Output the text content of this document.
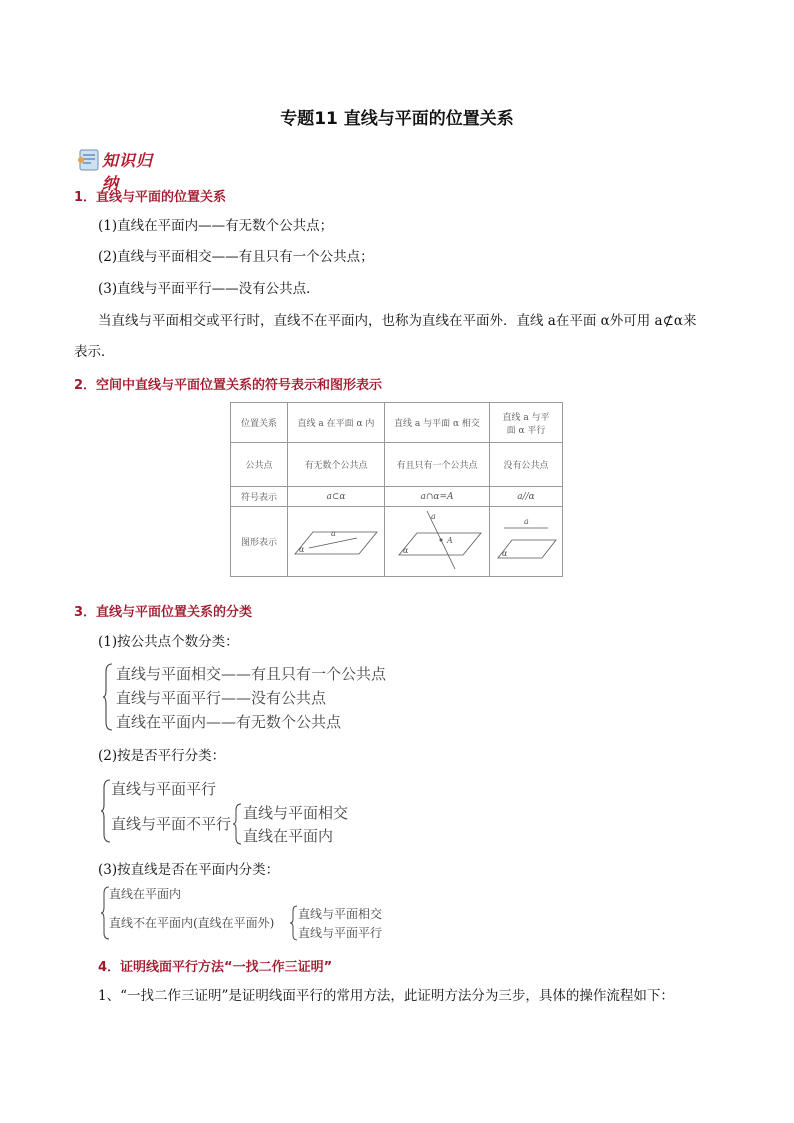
专题11 直线与平面的位置关系
知识归纳
1．直线与平面的位置关系
(1)直线在平面内——有无数个公共点；
(2)直线与平面相交——有且只有一个公共点；
(3)直线与平面平行——没有公共点．
当直线与平面相交或平行时，直线不在平面内，也称为直线在平面外．直线 a在平面 α外可用 a⊄α来
表示．
2．空间中直线与平面位置关系的符号表示和图形表示
位置关系	直线 a 在平面 α 内	直线 a 与平面 α 相交	直线 a 与平
面 α 平行

公共点	有无数个公共点	有且只有一个公共点	没有公共点
符号表示	a⊂α	a∩α=A	a//α
图形表示	a
α	a
A
α	a
α
3．直线与平面位置关系的分类
(1)按公共点个数分类：
直线与平面相交——有且只有一个公共点
直线与平面平行——没有公共点
直线在平面内——有无数个公共点
(2)按是否平行分类：
直线与平面平行
直线与平面不平行
直线与平面相交
直线在平面内
(3)按直线是否在平面内分类：
直线在平面内
直线不在平面内(直线在平面外)
直线与平面相交
直线与平面平行
4．证明线面平行方法“一找二作三证明”
1、“一找二作三证明”是证明线面平行的常用方法，此证明方法分为三步，具体的操作流程如下：
